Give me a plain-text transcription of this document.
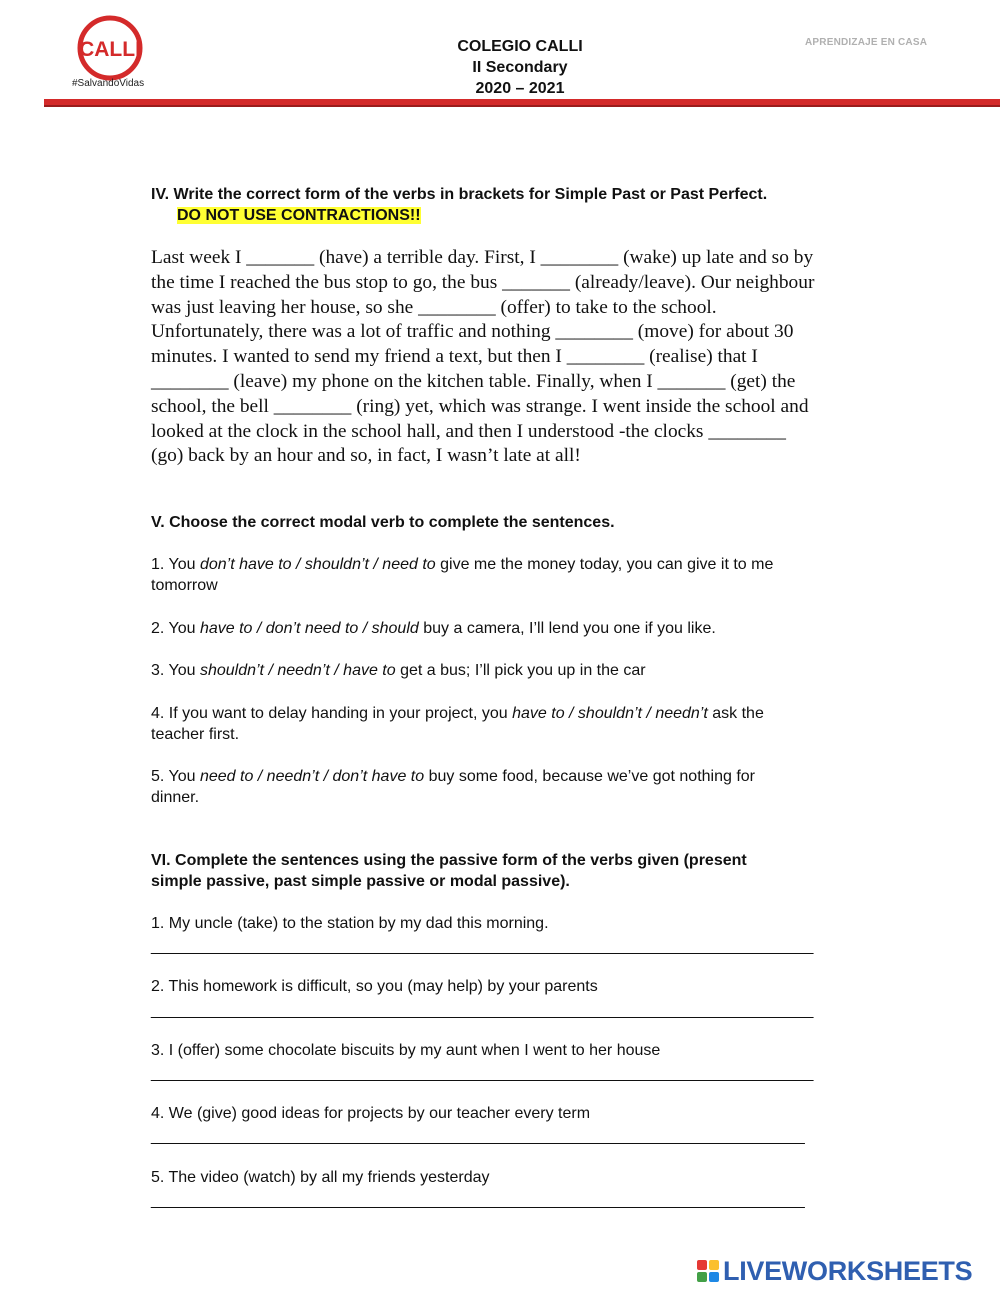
CALLI
#SalvandoVidas
COLEGIO CALLI
II Secondary
2020 – 2021
APRENDIZAJE EN CASA
IV. Write the correct form of the verbs in brackets for Simple Past or Past Perfect.
DO NOT USE CONTRACTIONS!!
Last week I _______ (have) a terrible day. First, I ________ (wake) up late and so by
the time I reached the bus stop to go, the bus _______ (already/leave). Our neighbour
was just leaving her house, so she ________ (offer) to take to the school.
Unfortunately, there was a lot of traffic and nothing ________ (move) for about 30
minutes. I wanted to send my friend a text, but then I ________ (realise) that I
________ (leave) my phone on the kitchen table. Finally, when I _______ (get) the
school, the bell ________ (ring) yet, which was strange. I went inside the school and
looked at the clock in the school hall, and then I understood -the clocks ________
(go) back by an hour and so, in fact, I wasn’t late at all!
V. Choose the correct modal verb to complete the sentences.
1. You don’t have to / shouldn’t / need to give me the money today, you can give it to me
tomorrow
2. You have to / don’t need to / should buy a camera, I’ll lend you one if you like.
3. You shouldn’t / needn’t / have to get a bus; I’ll pick you up in the car
4. If you want to delay handing in your project, you have to / shouldn’t / needn’t ask the
teacher first.
5. You need to / needn’t / don’t have to buy some food, because we’ve got nothing for
dinner.
VI. Complete the sentences using the passive form of the verbs given (present
simple passive, past simple passive or modal passive).
1. My uncle (take) to the station by my dad this morning.
_____________________________________________________________________________
2. This homework is difficult, so you (may help) by your parents
_____________________________________________________________________________
3. I (offer) some chocolate biscuits by my aunt when I went to her house
_____________________________________________________________________________
4. We (give) good ideas for projects by our teacher every term
____________________________________________________________________________
5. The video (watch) by all my friends yesterday
____________________________________________________________________________
LIVEWORKSHEETS
